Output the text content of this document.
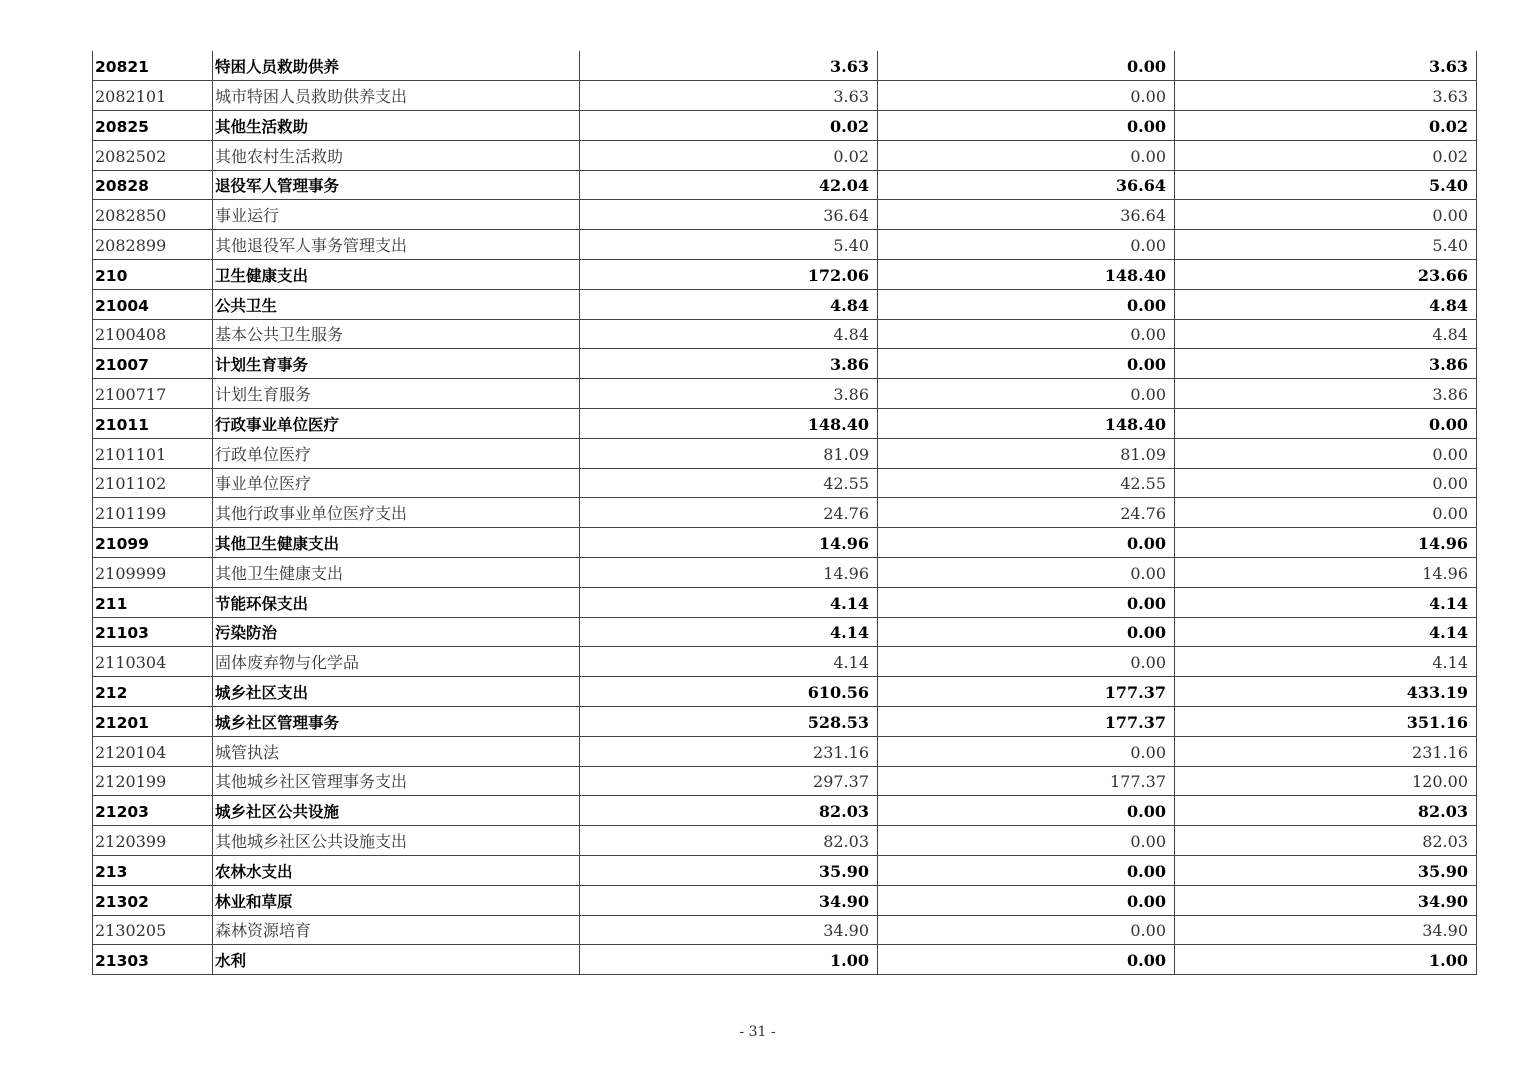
20821	特困人员救助供养	3.63	0.00	3.63
2082101	城市特困人员救助供养支出	3.63	0.00	3.63
20825	其他生活救助	0.02	0.00	0.02
2082502	其他农村生活救助	0.02	0.00	0.02
20828	退役军人管理事务	42.04	36.64	5.40
2082850	事业运行	36.64	36.64	0.00
2082899	其他退役军人事务管理支出	5.40	0.00	5.40
210	卫生健康支出	172.06	148.40	23.66
21004	公共卫生	4.84	0.00	4.84
2100408	基本公共卫生服务	4.84	0.00	4.84
21007	计划生育事务	3.86	0.00	3.86
2100717	计划生育服务	3.86	0.00	3.86
21011	行政事业单位医疗	148.40	148.40	0.00
2101101	行政单位医疗	81.09	81.09	0.00
2101102	事业单位医疗	42.55	42.55	0.00
2101199	其他行政事业单位医疗支出	24.76	24.76	0.00
21099	其他卫生健康支出	14.96	0.00	14.96
2109999	其他卫生健康支出	14.96	0.00	14.96
211	节能环保支出	4.14	0.00	4.14
21103	污染防治	4.14	0.00	4.14
2110304	固体废弃物与化学品	4.14	0.00	4.14
212	城乡社区支出	610.56	177.37	433.19
21201	城乡社区管理事务	528.53	177.37	351.16
2120104	城管执法	231.16	0.00	231.16
2120199	其他城乡社区管理事务支出	297.37	177.37	120.00
21203	城乡社区公共设施	82.03	0.00	82.03
2120399	其他城乡社区公共设施支出	82.03	0.00	82.03
213	农林水支出	35.90	0.00	35.90
21302	林业和草原	34.90	0.00	34.90
2130205	森林资源培育	34.90	0.00	34.90
21303	水利	1.00	0.00	1.00
- 31 -
